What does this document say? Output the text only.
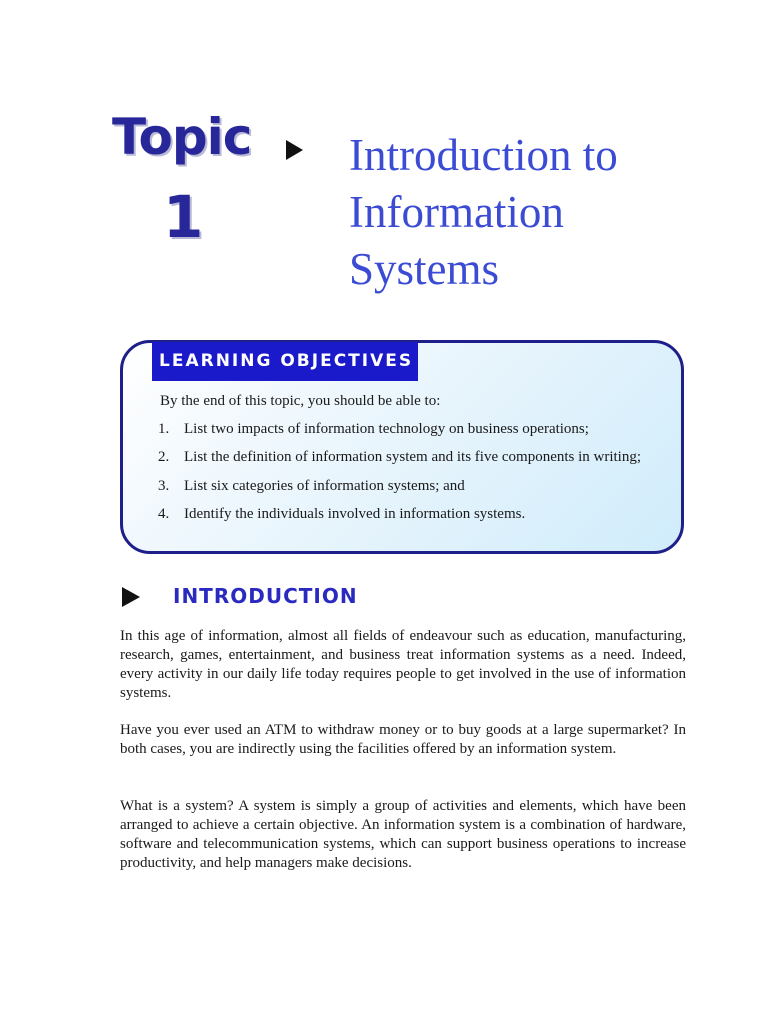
Topic
1
Introduction to
Information
Systems
LEARNING OBJECTIVES
By the end of this topic, you should be able to:
1. List two impacts of information technology on business operations;
2. List the definition of information system and its five components in writing;
3. List six categories of information systems; and
4. Identify the individuals involved in information systems.
INTRODUCTION

In this age of information, almost all fields of endeavour such as education, manufacturing, research, games, entertainment, and business treat information systems as a need. Indeed, every activity in our daily life today requires people to get involved in the use of information systems.

Have you ever used an ATM to withdraw money or to buy goods at a large supermarket? In both cases, you are indirectly using the facilities offered by an information system.

What is a system? A system is simply a group of activities and elements, which have been arranged to achieve a certain objective. An information system is a combination of hardware, software and telecommunication systems, which can support business operations to increase productivity, and help managers make decisions.
